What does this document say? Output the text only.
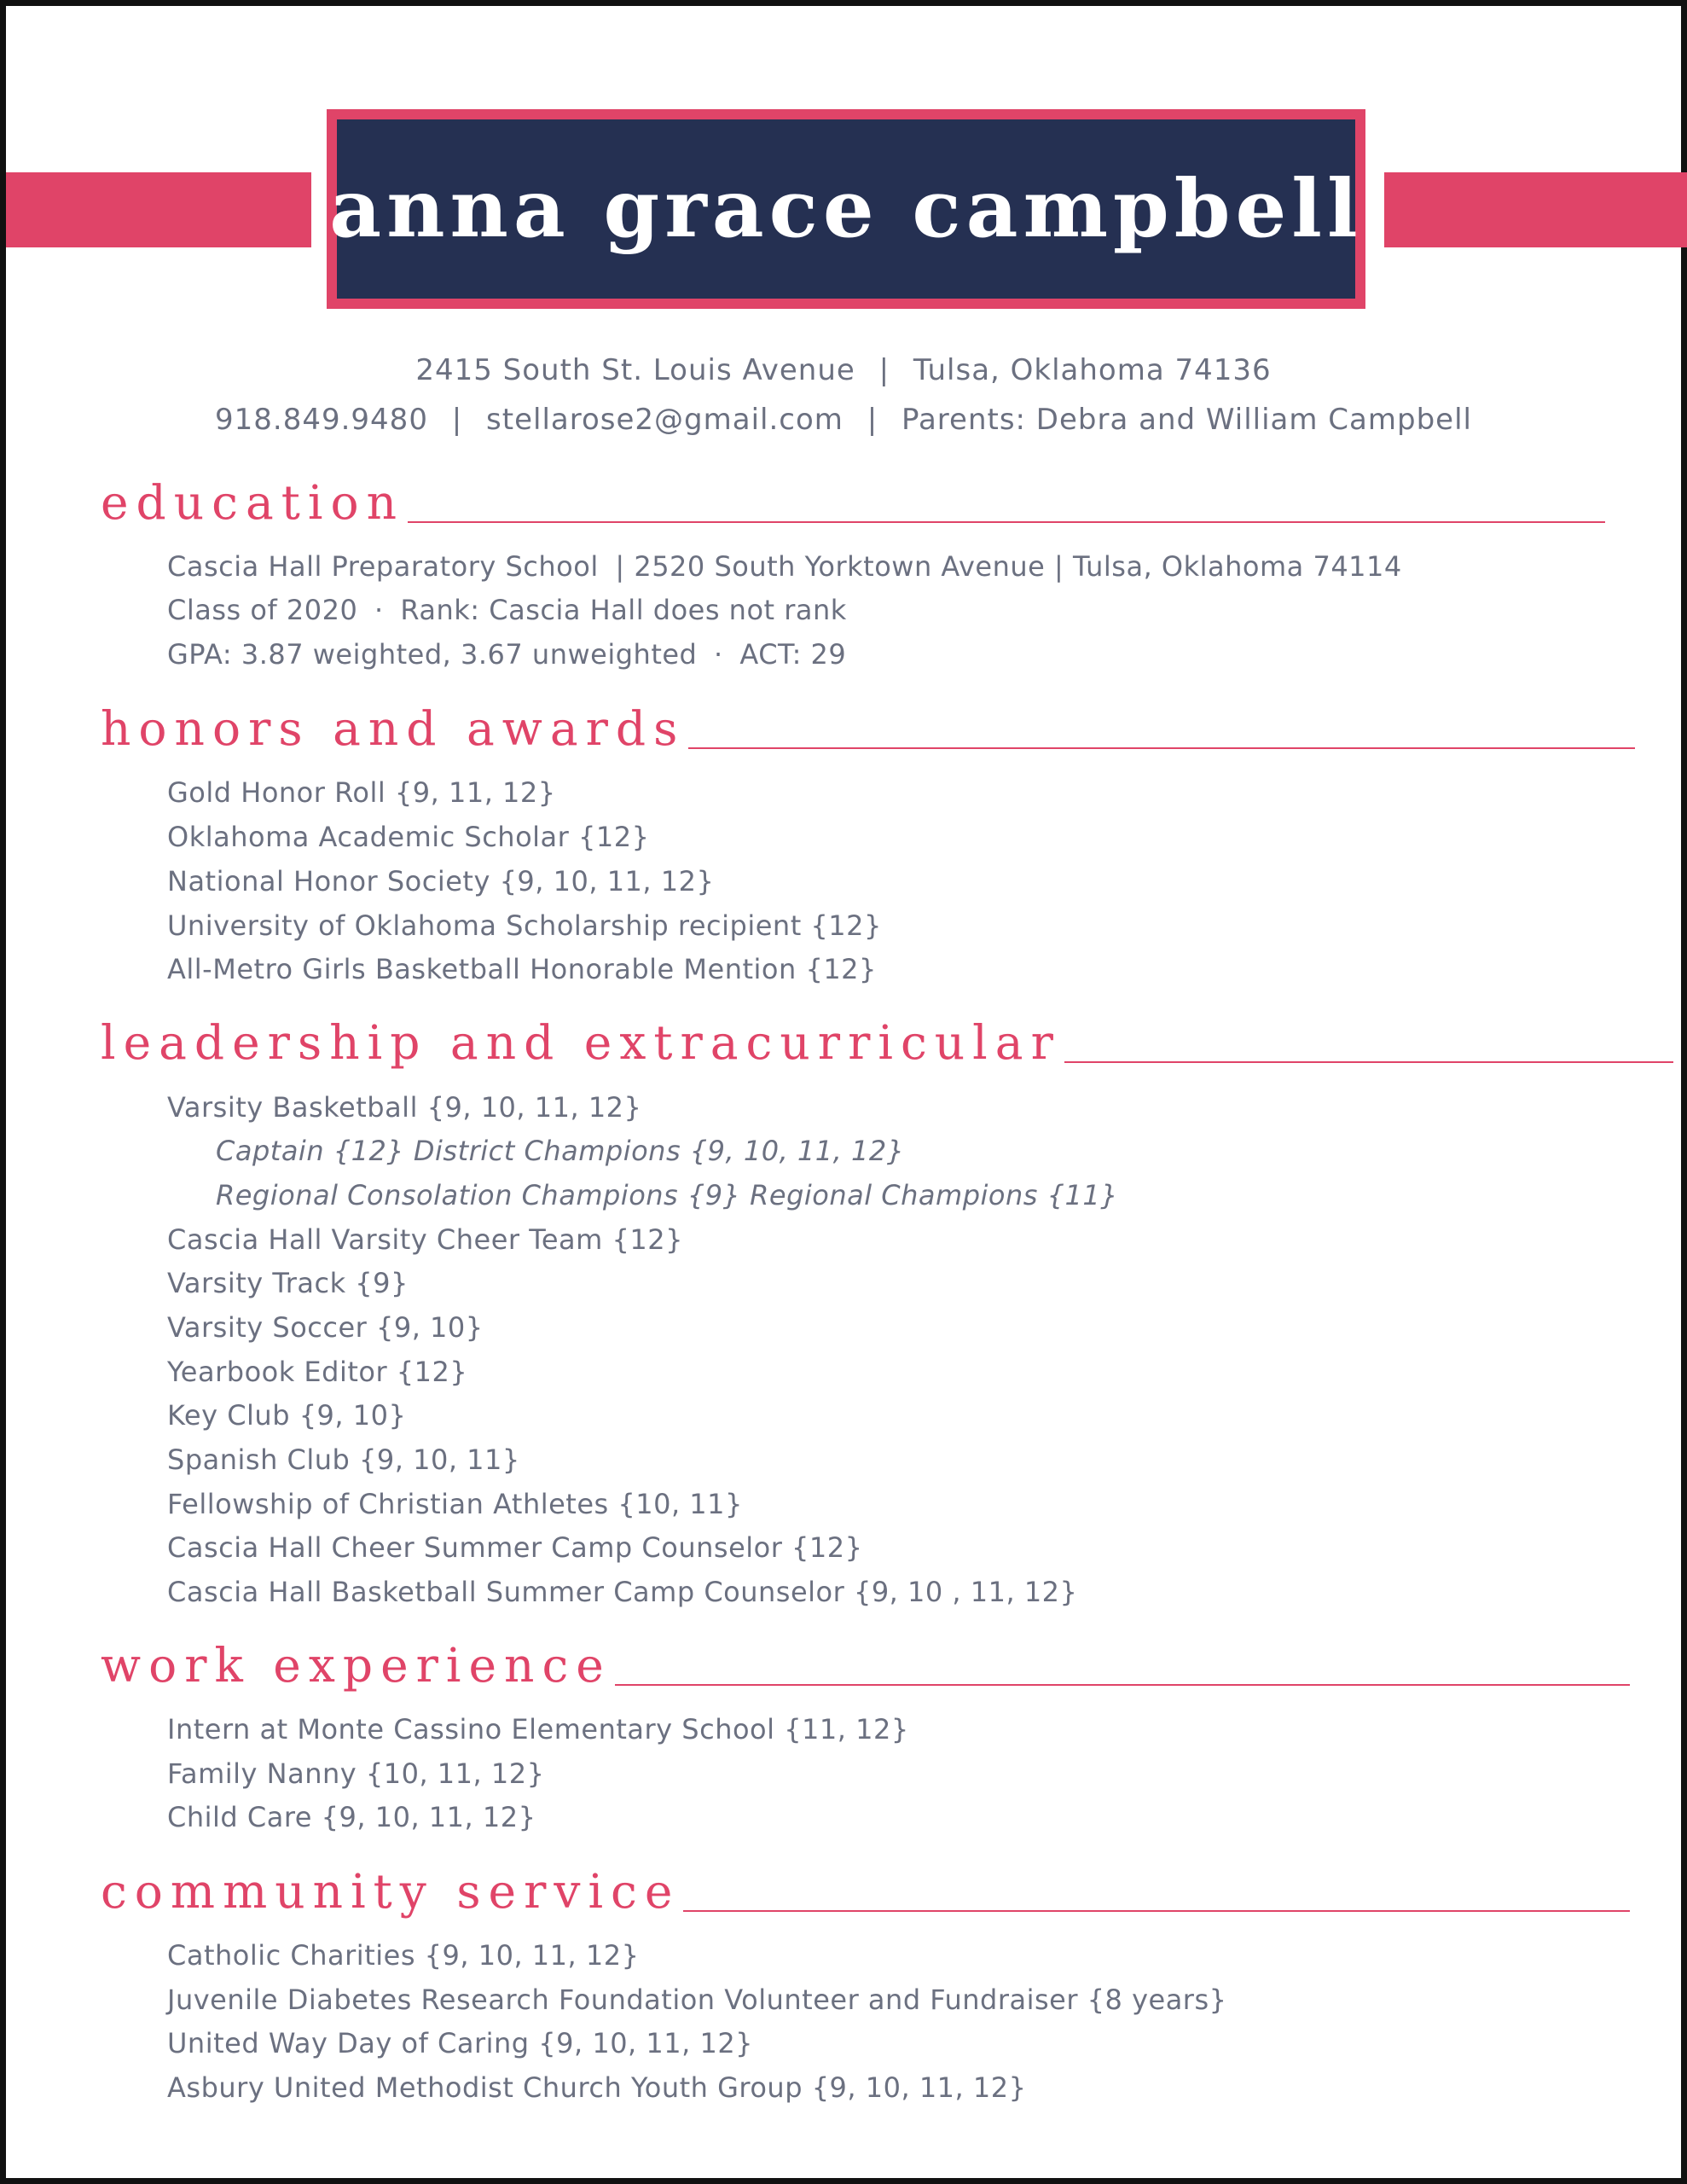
anna grace campbell
2415 South St. Louis Avenue | Tulsa, Oklahoma 74136
918.849.9480 | stellarose2@gmail.com | Parents: Debra and William Campbell
education
Cascia Hall Preparatory School | 2520 South Yorktown Avenue | Tulsa, Oklahoma 74114
Class of 2020 · Rank: Cascia Hall does not rank
GPA: 3.87 weighted, 3.67 unweighted · ACT: 29
honors and awards
Gold Honor Roll {9, 11, 12}
Oklahoma Academic Scholar {12}
National Honor Society {9, 10, 11, 12}
University of Oklahoma Scholarship recipient {12}
All-Metro Girls Basketball Honorable Mention {12}
leadership and extracurricular
Varsity Basketball {9, 10, 11, 12}
Captain {12} District Champions {9, 10, 11, 12}
Regional Consolation Champions {9} Regional Champions {11}
Cascia Hall Varsity Cheer Team {12}
Varsity Track {9}
Varsity Soccer {9, 10}
Yearbook Editor {12}
Key Club {9, 10}
Spanish Club {9, 10, 11}
Fellowship of Christian Athletes {10, 11}
Cascia Hall Cheer Summer Camp Counselor {12}
Cascia Hall Basketball Summer Camp Counselor {9, 10 , 11, 12}
work experience
Intern at Monte Cassino Elementary School {11, 12}
Family Nanny {10, 11, 12}
Child Care {9, 10, 11, 12}
community service
Catholic Charities {9, 10, 11, 12}
Juvenile Diabetes Research Foundation Volunteer and Fundraiser {8 years}
United Way Day of Caring {9, 10, 11, 12}
Asbury United Methodist Church Youth Group {9, 10, 11, 12}
